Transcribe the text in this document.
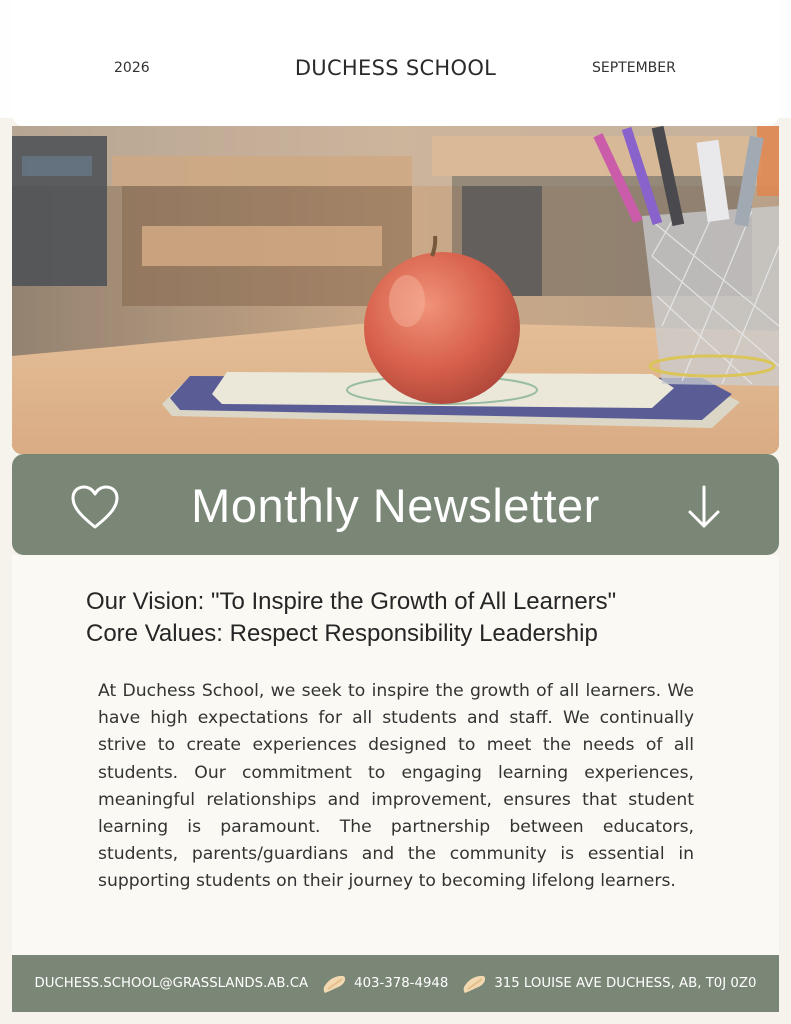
2026	DUCHESS SCHOOL	SEPTEMBER
Monthly Newsletter
Our Vision: "To Inspire the Growth of All Learners"
Core Values: Respect Responsibility Leadership
At Duchess School, we seek to inspire the growth of all learners. We have high expectations for all students and staff. We continually strive to create experiences designed to meet the needs of all students. Our commitment to engaging learning experiences, meaningful relationships and improvement, ensures that student learning is paramount. The partnership between educators, students, parents/guardians and the community is essential in supporting students on their journey to becoming lifelong learners.
DUCHESS.SCHOOL@GRASSLANDS.AB.CA	403-378-4948	315 LOUISE AVE DUCHESS, AB, T0J 0Z0
